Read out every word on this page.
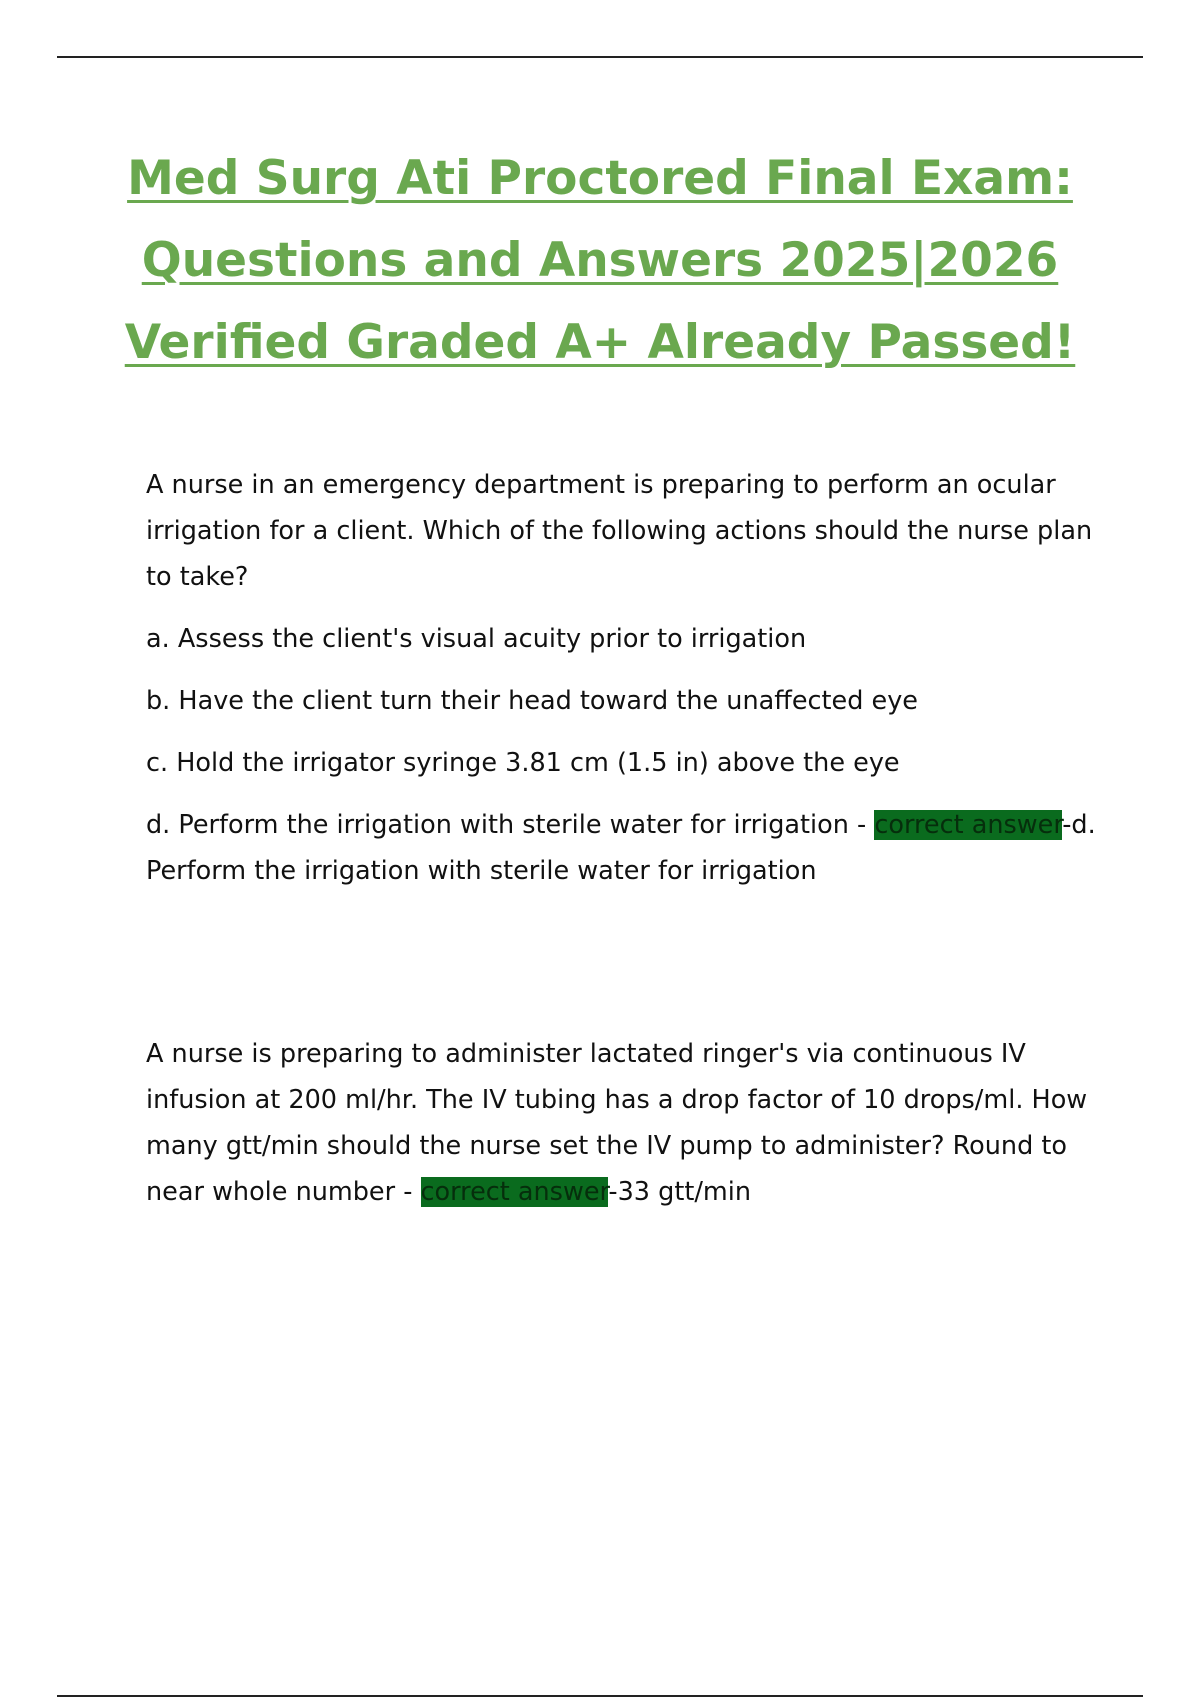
Med Surg Ati Proctored Final Exam:
Questions and Answers 2025|2026
Verified Graded A+ Already Passed!

A nurse in an emergency department is preparing to perform an ocular irrigation for a client. Which of the following actions should the nurse plan to take?

a. Assess the client's visual acuity prior to irrigation

b. Have the client turn their head toward the unaffected eye

c. Hold the irrigator syringe 3.81 cm (1.5 in) above the eye

d. Perform the irrigation with sterile water for irrigation - correct answer-d. Perform the irrigation with sterile water for irrigation

A nurse is preparing to administer lactated ringer's via continuous IV infusion at 200 ml/hr. The IV tubing has a drop factor of 10 drops/ml. How many gtt/min should the nurse set the IV pump to administer? Round to near whole number - correct answer-33 gtt/min
